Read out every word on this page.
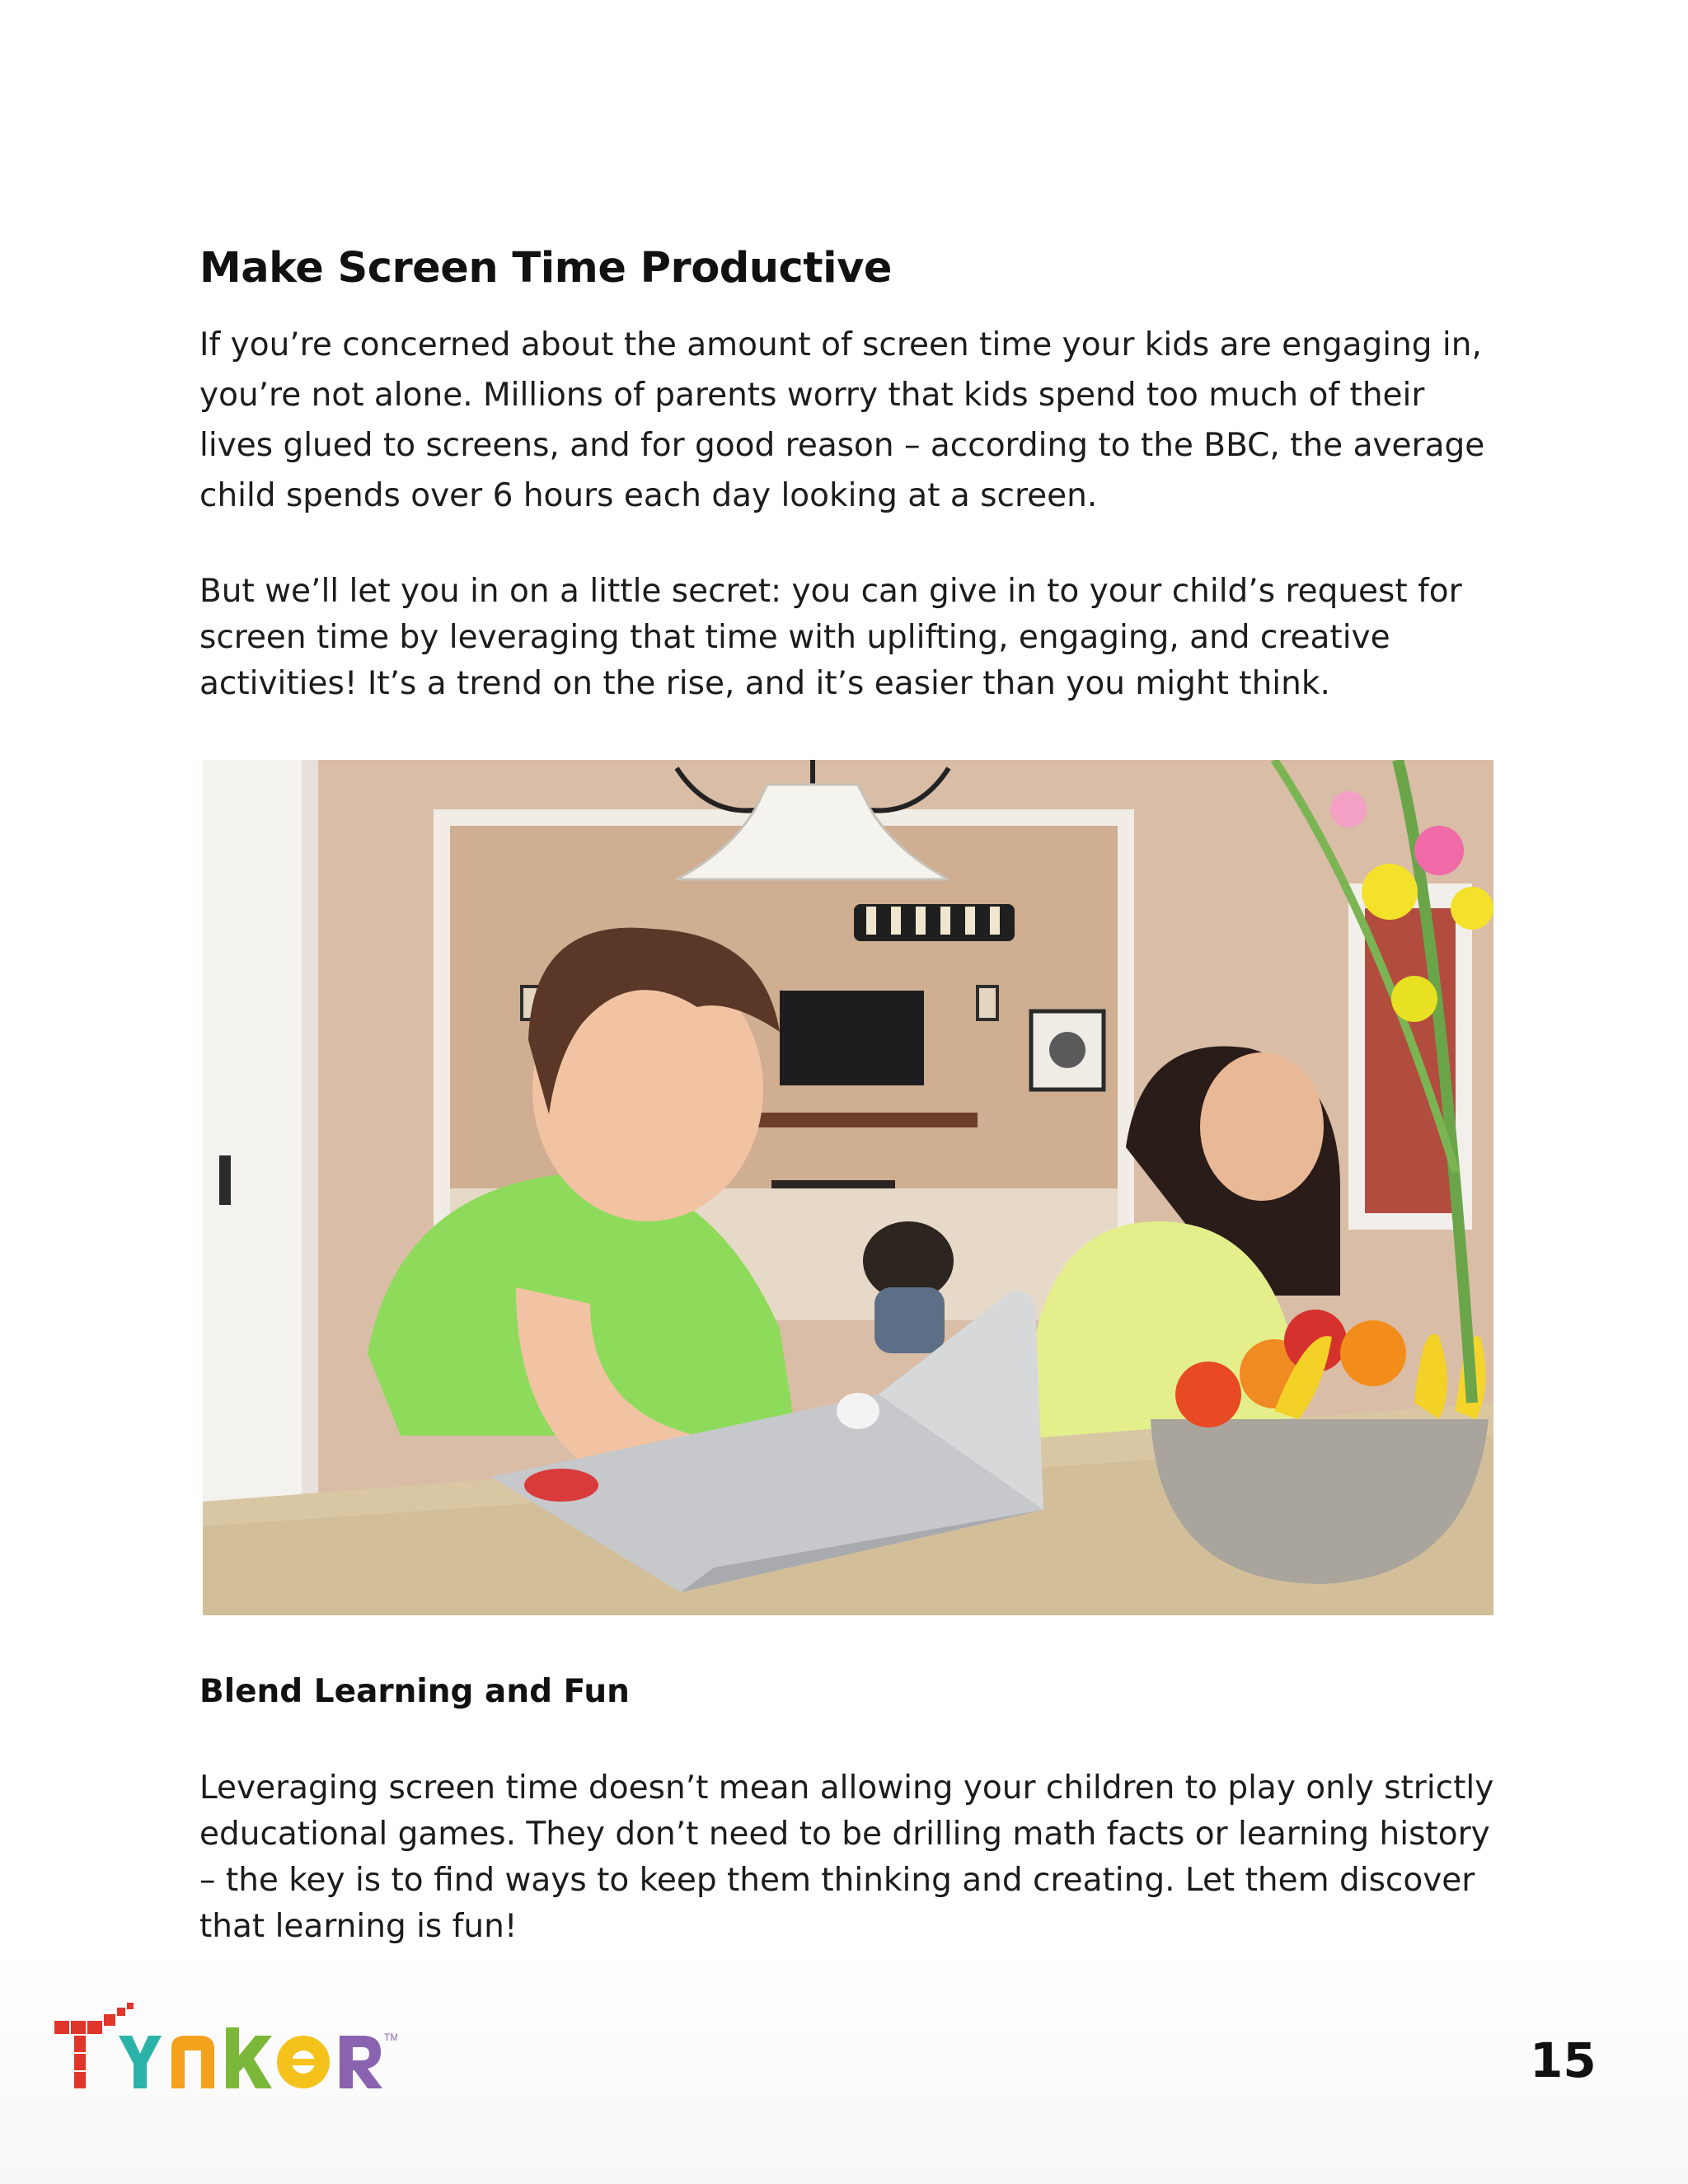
Make Screen Time Productive

If you’re concerned about the amount of screen time your kids are engaging in, you’re not alone. Millions of parents worry that kids spend too much of their lives glued to screens, and for good reason – according to the BBC, the average child spends over 6 hours each day looking at a screen.

But we’ll let you in on a little secret: you can give in to your child’s request for screen time by leveraging that time with uplifting, engaging, and creative activities! It’s a trend on the rise, and it’s easier than you might think.

Blend Learning and Fun

Leveraging screen time doesn’t mean allowing your children to play only strictly educational games. They don’t need to be drilling math facts or learning history – the key is to find ways to keep them thinking and creating. Let them discover that learning is fun!

TM	15
